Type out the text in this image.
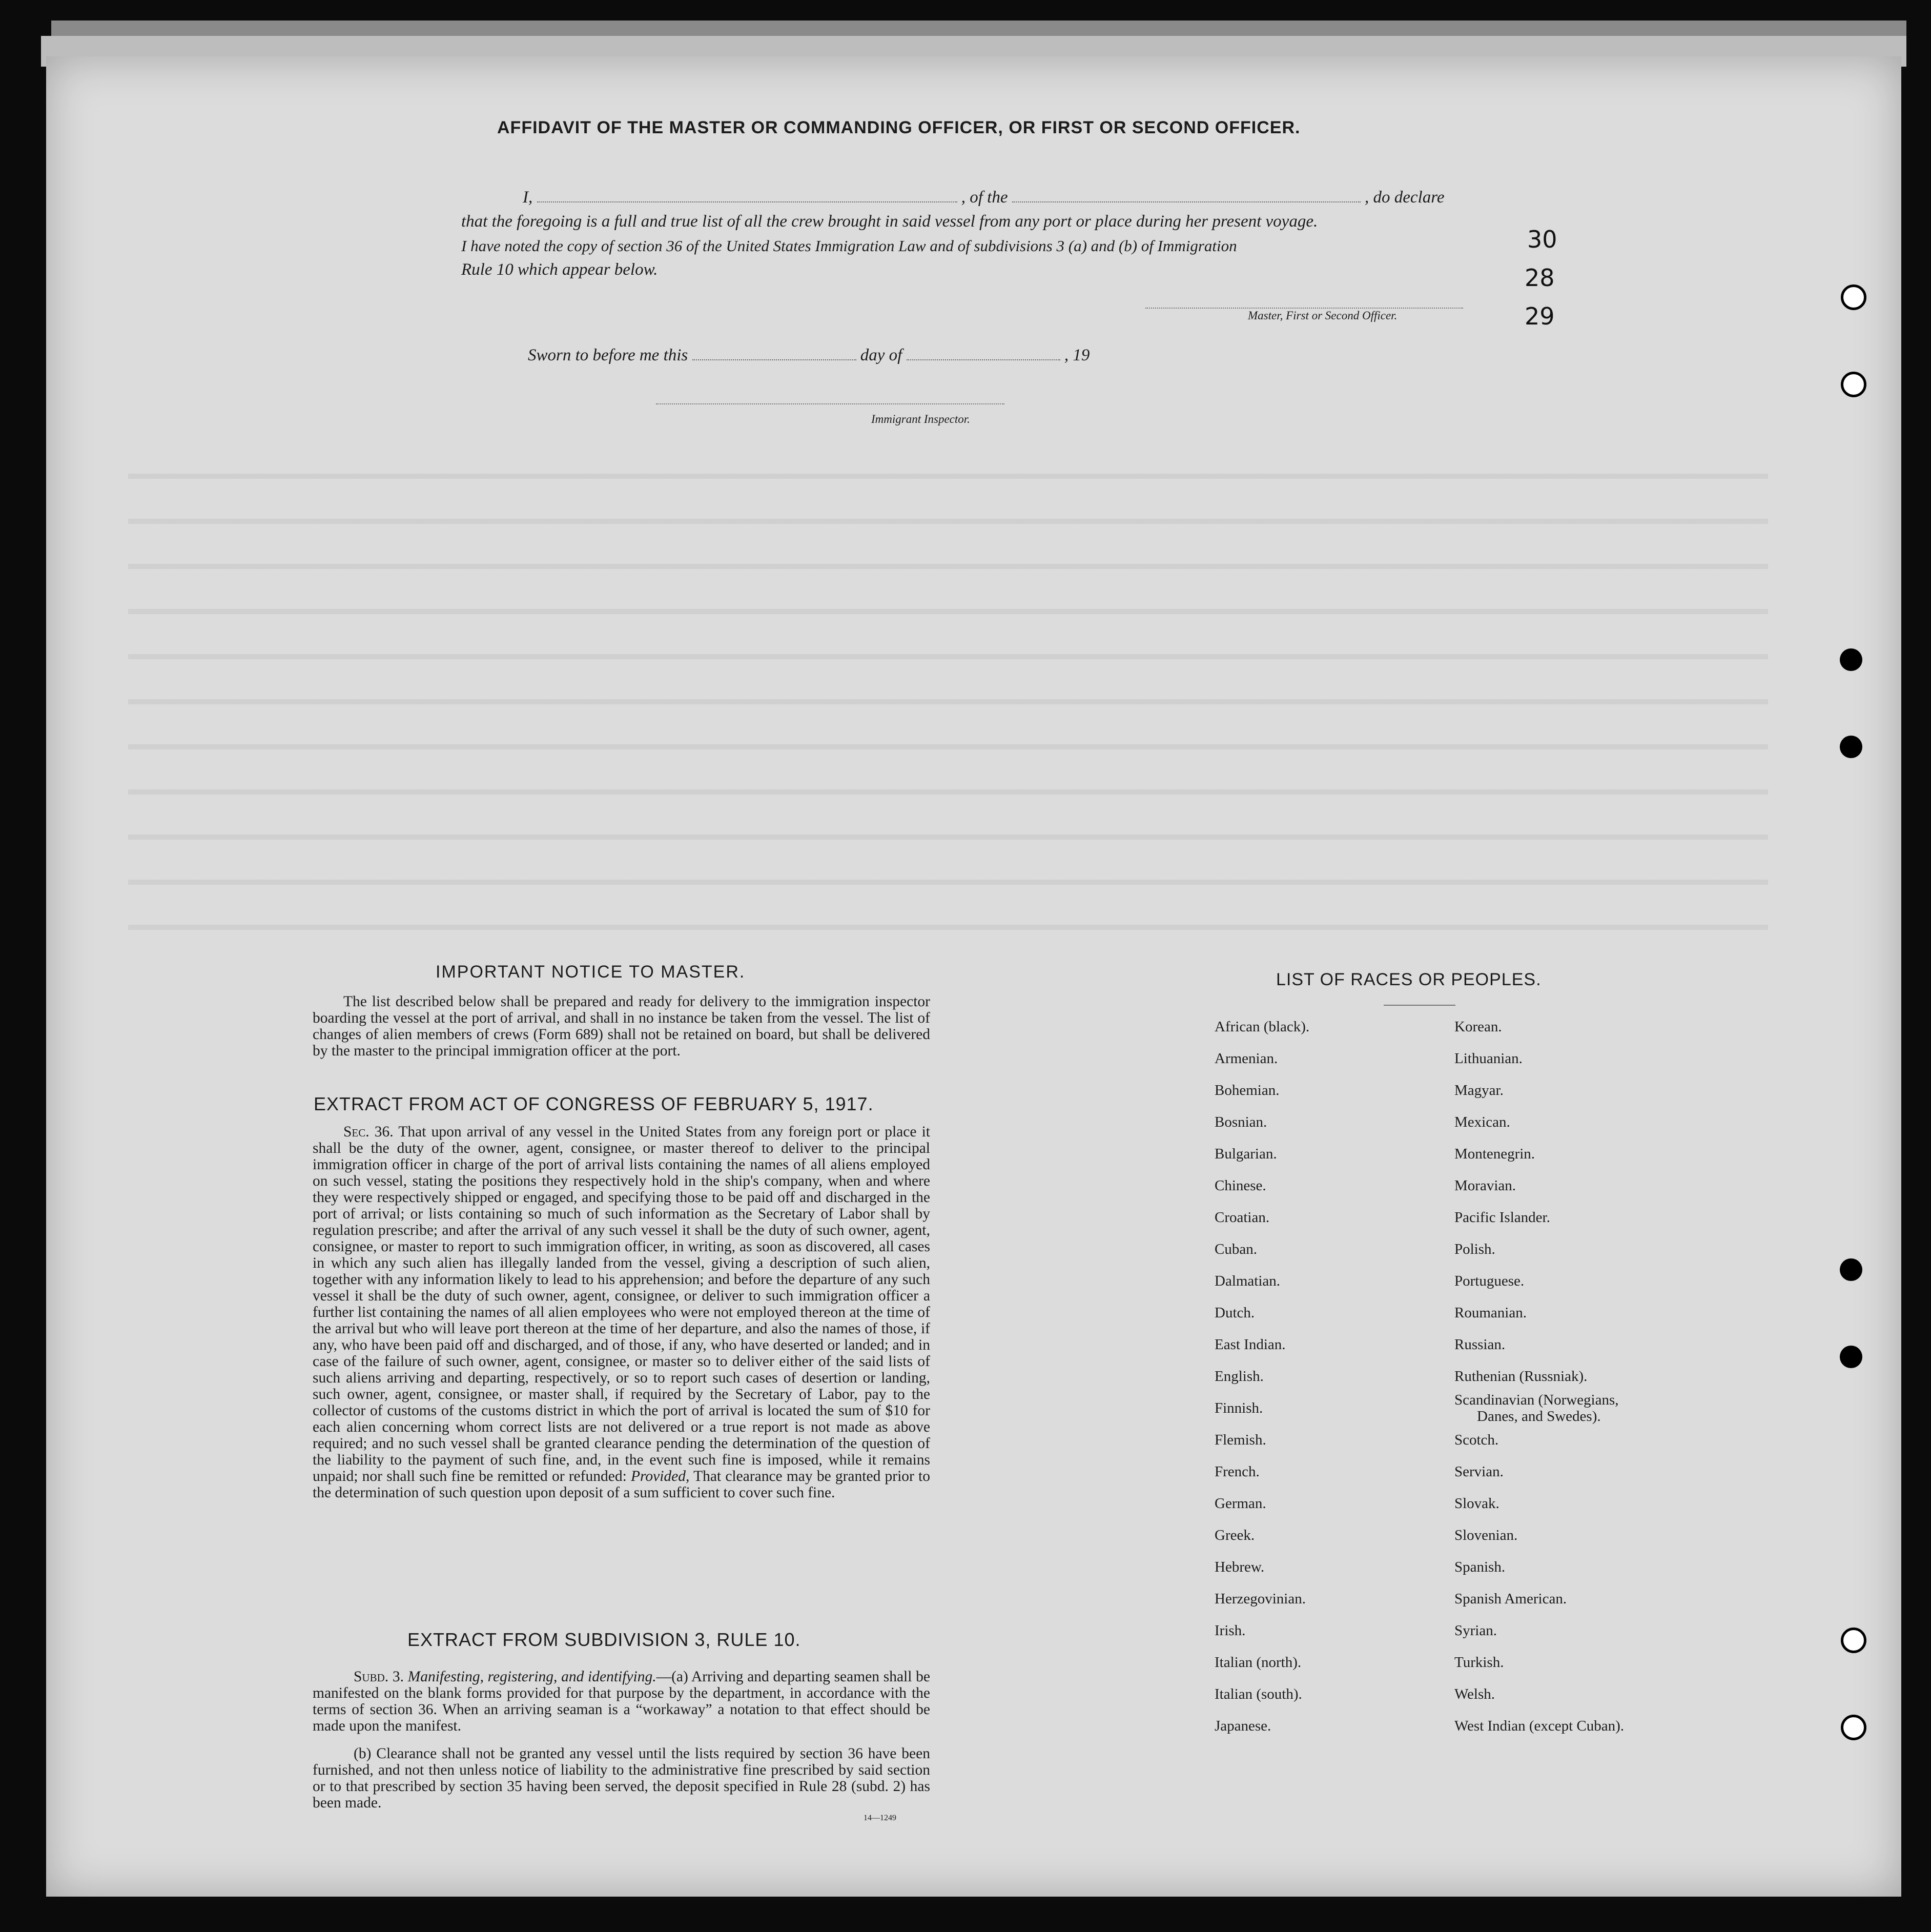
AFFIDAVIT OF THE MASTER OR COMMANDING OFFICER, OR FIRST OR SECOND OFFICER.
I,	, of the	, do declare
that the foregoing is a full and true list of all the crew brought in said vessel from any port or place during her present voyage.
I have noted the copy of section 36 of the United States Immigration Law and of subdivisions 3 (a) and (b) of Immigration
Rule 10 which appear below.
Master, First or Second Officer.
Sworn to before me this	day of	, 19
Immigrant Inspector.
30
28
29
IMPORTANT NOTICE TO MASTER.
The list described below shall be prepared and ready for delivery to the immigration inspector boarding the vessel at the port of arrival, and shall in no instance be taken from the vessel. The list of changes of alien members of crews (Form 689) shall not be retained on board, but shall be delivered by the master to the principal immigration officer at the port.
EXTRACT FROM ACT OF CONGRESS OF FEBRUARY 5, 1917.
Sec. 36. That upon arrival of any vessel in the United States from any foreign port or place it shall be the duty of the owner, agent, consignee, or master thereof to deliver to the principal immigration officer in charge of the port of arrival lists containing the names of all aliens employed on such vessel, stating the positions they respectively hold in the ship's company, when and where they were respectively shipped or engaged, and specifying those to be paid off and discharged in the port of arrival; or lists containing so much of such information as the Secretary of Labor shall by regulation prescribe; and after the arrival of any such vessel it shall be the duty of such owner, agent, consignee, or master to report to such immigration officer, in writing, as soon as discovered, all cases in which any such alien has illegally landed from the vessel, giving a description of such alien, together with any information likely to lead to his apprehension; and before the departure of any such vessel it shall be the duty of such owner, agent, consignee, or deliver to such immigration officer a further list containing the names of all alien employees who were not employed thereon at the time of the arrival but who will leave port thereon at the time of her departure, and also the names of those, if any, who have been paid off and discharged, and of those, if any, who have deserted or landed; and in case of the failure of such owner, agent, consignee, or master so to deliver either of the said lists of such aliens arriving and departing, respectively, or so to report such cases of desertion or landing, such owner, agent, consignee, or master shall, if required by the Secretary of Labor, pay to the collector of customs of the customs district in which the port of arrival is located the sum of $10 for each alien concerning whom correct lists are not delivered or a true report is not made as above required; and no such vessel shall be granted clearance pending the determination of the question of the liability to the payment of such fine, and, in the event such fine is imposed, while it remains unpaid; nor shall such fine be remitted or refunded: Provided, That clearance may be granted prior to the determination of such question upon deposit of a sum sufficient to cover such fine.
EXTRACT FROM SUBDIVISION 3, RULE 10.
Subd. 3. Manifesting, registering, and identifying.—(a) Arriving and departing seamen shall be manifested on the blank forms provided for that purpose by the department, in accordance with the terms of section 36. When an arriving seaman is a “workaway” a notation to that effect should be made upon the manifest.
(b) Clearance shall not be granted any vessel until the lists required by section 36 have been furnished, and not then unless notice of liability to the administrative fine prescribed by said section or to that prescribed by section 35 having been served, the deposit specified in Rule 28 (subd. 2) has been made.
14—1249
LIST OF RACES OR PEOPLES.
African (black).
Armenian.
Bohemian.
Bosnian.
Bulgarian.
Chinese.
Croatian.
Cuban.
Dalmatian.
Dutch.
East Indian.
English.
Finnish.
Flemish.
French.
German.
Greek.
Hebrew.
Herzegovinian.
Irish.
Italian (north).
Italian (south).
Japanese.
Korean.
Lithuanian.
Magyar.
Mexican.
Montenegrin.
Moravian.
Pacific Islander.
Polish.
Portuguese.
Roumanian.
Russian.
Ruthenian (Russniak).
Scandinavian (Norwegians,
Danes, and Swedes).
Scotch.
Servian.
Slovak.
Slovenian.
Spanish.
Spanish American.
Syrian.
Turkish.
Welsh.
West Indian (except Cuban).
